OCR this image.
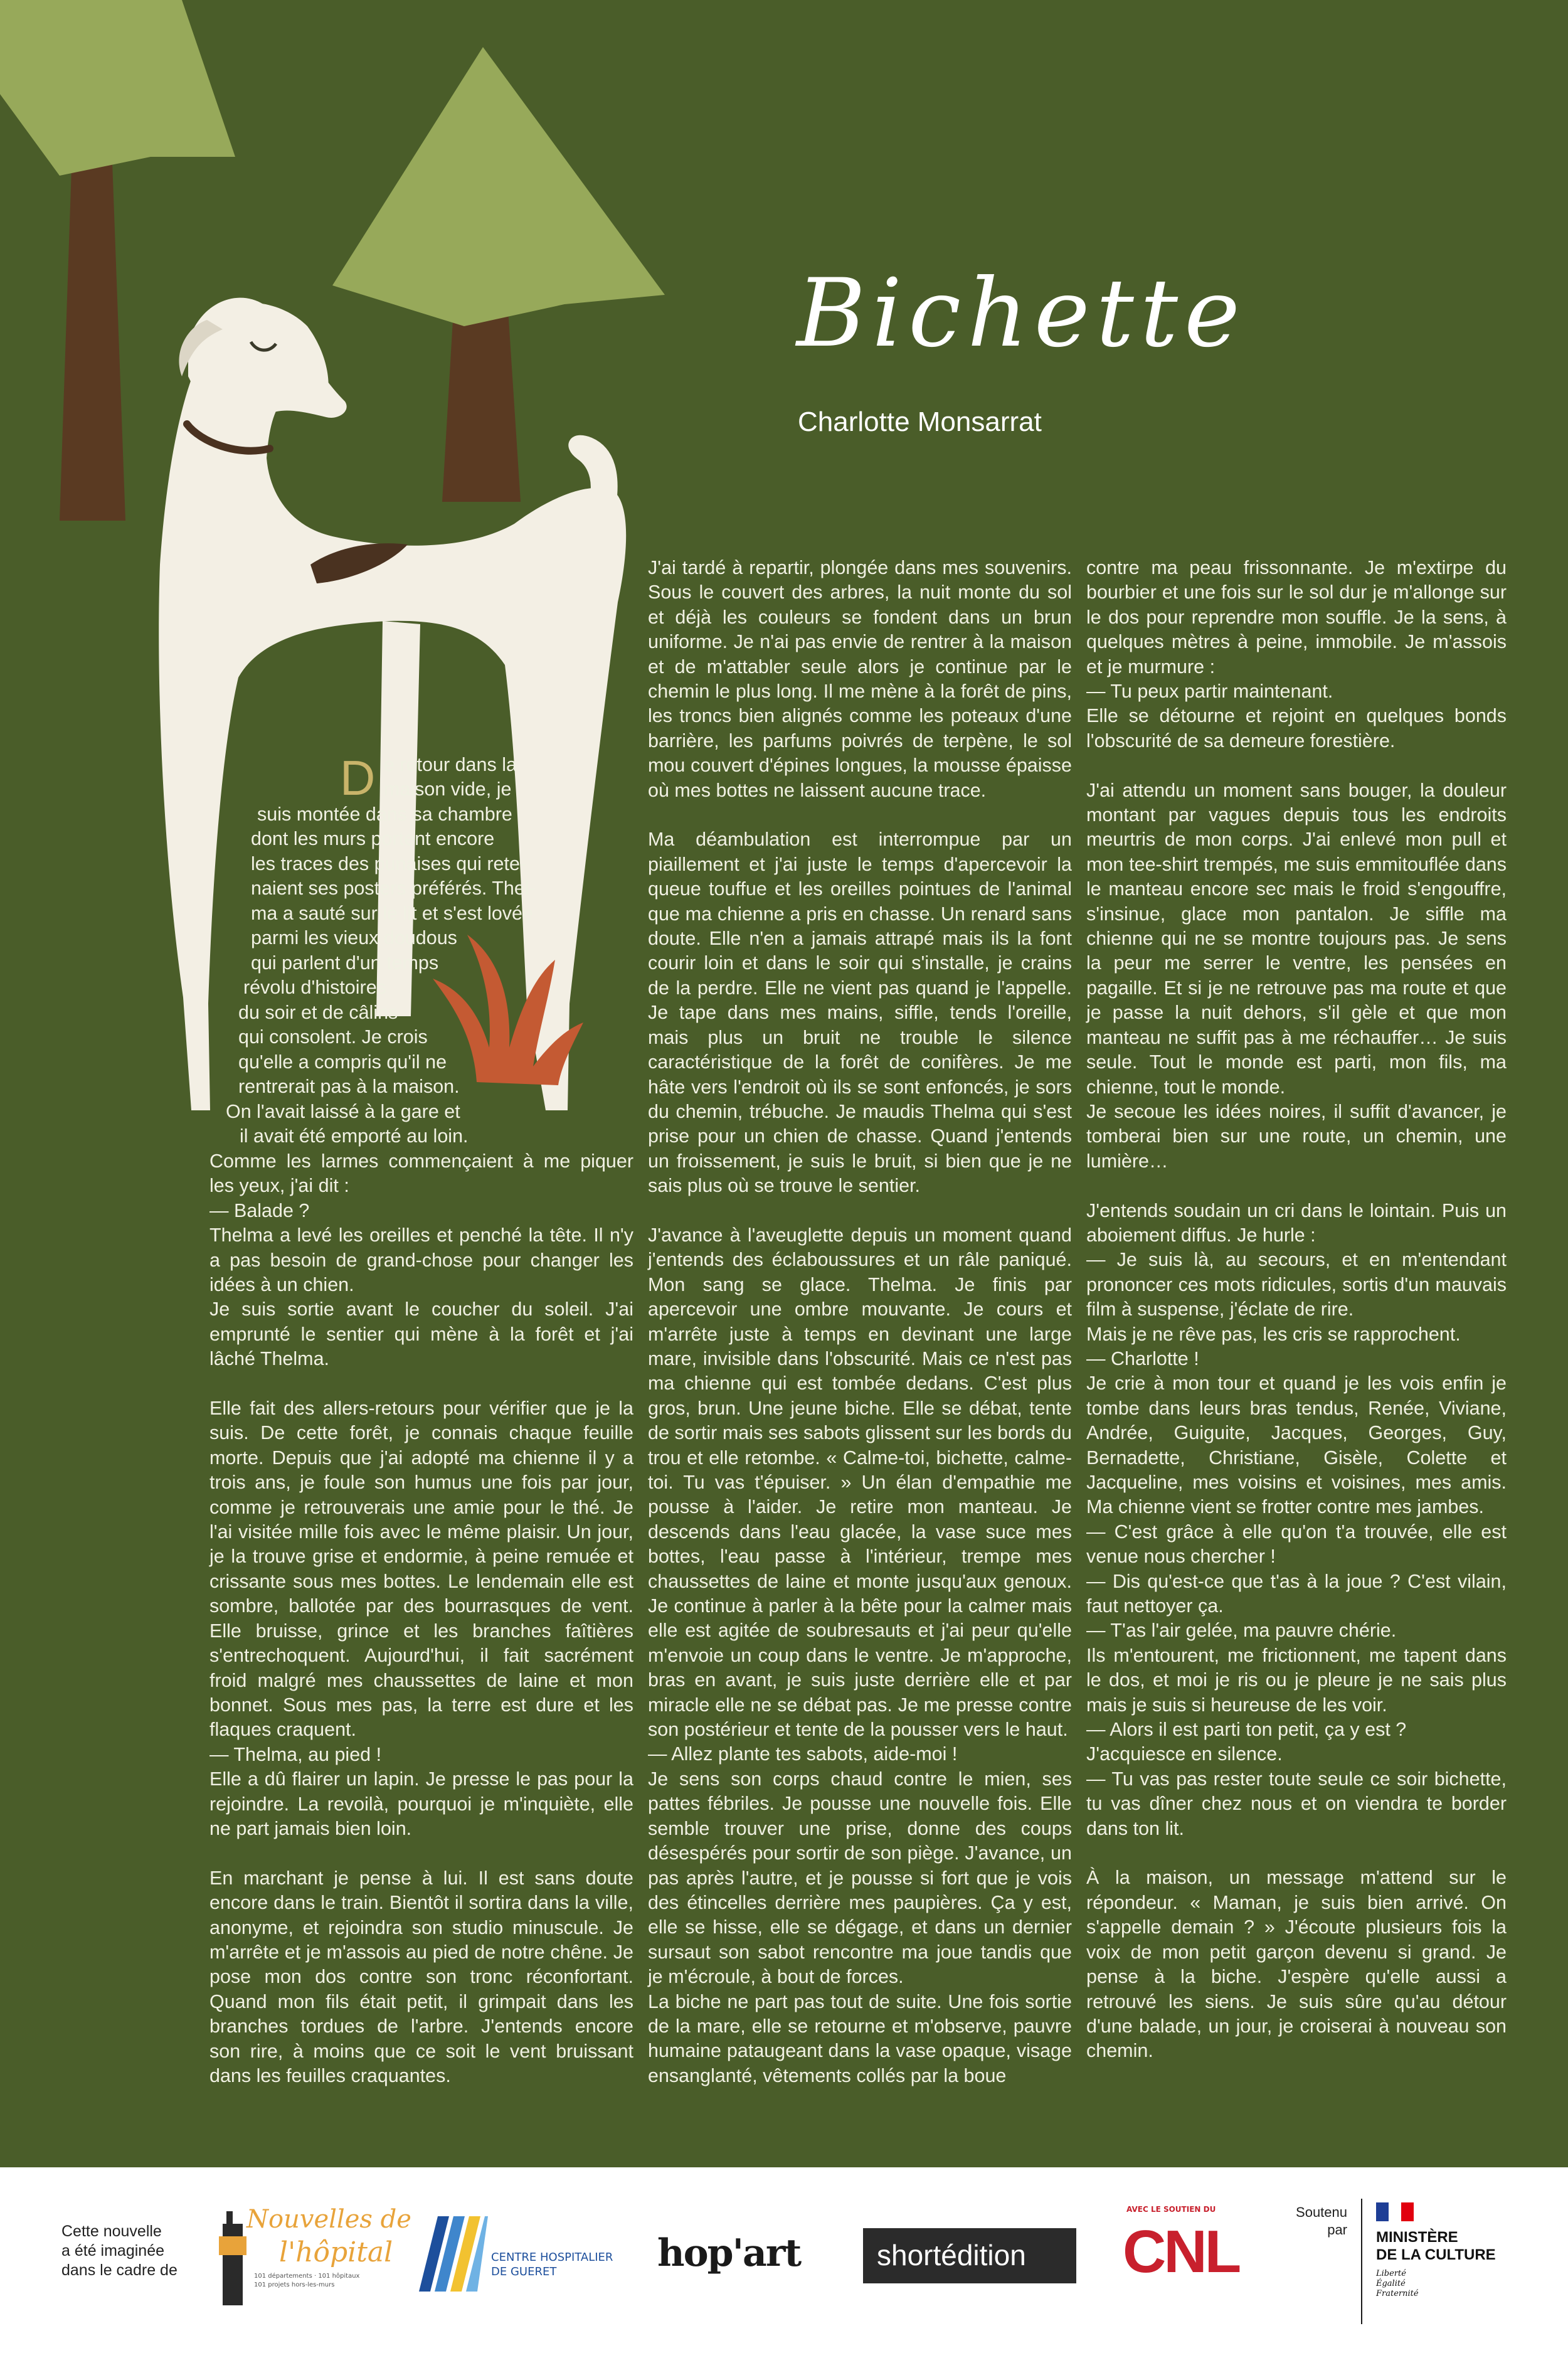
Bichette

Charlotte Monsarrat

D e retour dans la

maison vide, je

suis montée dans sa chambre

dont les murs portent encore

les traces des punaises qui rete-

naient ses posters préférés. Thel-

ma a sauté sur le lit et s'est lovée

parmi les vieux doudous

qui parlent d'un temps

révolu d'histoires

du soir et de câlins

qui consolent. Je crois

qu'elle a compris qu'il ne

rentrerait pas à la maison.

On l'avait laissé à la gare et

il avait été emporté au loin.

Comme les larmes commençaient à me piquer les yeux, j'ai dit :

— Balade ?

Thelma a levé les oreilles et penché la tête. Il n'y a pas besoin de grand-chose pour changer les idées à un chien.

Je suis sortie avant le coucher du soleil. J'ai emprunté le sentier qui mène à la forêt et j'ai lâché Thelma.

Elle fait des allers-retours pour vérifier que je la suis. De cette forêt, je connais chaque feuille morte. Depuis que j'ai adopté ma chienne il y a trois ans, je foule son humus une fois par jour, comme je retrouverais une amie pour le thé. Je l'ai visitée mille fois avec le même plaisir. Un jour, je la trouve grise et endormie, à peine remuée et crissante sous mes bottes. Le lendemain elle est sombre, ballotée par des bourrasques de vent. Elle bruisse, grince et les branches faîtières s'entrechoquent. Aujourd'hui, il fait sacrément froid malgré mes chaussettes de laine et mon bonnet. Sous mes pas, la terre est dure et les flaques craquent.

— Thelma, au pied !

Elle a dû flairer un lapin. Je presse le pas pour la rejoindre. La revoilà, pourquoi je m'inquiète, elle ne part jamais bien loin.

En marchant je pense à lui. Il est sans doute encore dans le train. Bientôt il sortira dans la ville, anonyme, et rejoindra son studio minuscule. Je m'arrête et je m'assois au pied de notre chêne. Je pose mon dos contre son tronc réconfortant. Quand mon fils était petit, il grimpait dans les branches tordues de l'arbre. J'entends encore son rire, à moins que ce soit le vent bruissant dans les feuilles craquantes.

J'ai tardé à repartir, plongée dans mes souvenirs. Sous le couvert des arbres, la nuit monte du sol et déjà les couleurs se fondent dans un brun uniforme. Je n'ai pas envie de rentrer à la maison et de m'attabler seule alors je continue par le chemin le plus long. Il me mène à la forêt de pins, les troncs bien alignés comme les poteaux d'une barrière, les parfums poivrés de terpène, le sol mou couvert d'épines longues, la mousse épaisse où mes bottes ne laissent aucune trace.

Ma déambulation est interrompue par un piaillement et j'ai juste le temps d'apercevoir la queue touffue et les oreilles pointues de l'animal que ma chienne a pris en chasse. Un renard sans doute. Elle n'en a jamais attrapé mais ils la font courir loin et dans le soir qui s'installe, je crains de la perdre. Elle ne vient pas quand je l'appelle. Je tape dans mes mains, siffle, tends l'oreille, mais plus un bruit ne trouble le silence caractéristique de la forêt de conifères. Je me hâte vers l'endroit où ils se sont enfoncés, je sors du chemin, trébuche. Je maudis Thelma qui s'est prise pour un chien de chasse. Quand j'entends un froissement, je suis le bruit, si bien que je ne sais plus où se trouve le sentier.

J'avance à l'aveuglette depuis un moment quand j'entends des éclaboussures et un râle paniqué. Mon sang se glace. Thelma. Je finis par apercevoir une ombre mouvante. Je cours et m'arrête juste à temps en devinant une large mare, invisible dans l'obscurité. Mais ce n'est pas ma chienne qui est tombée dedans. C'est plus gros, brun. Une jeune biche. Elle se débat, tente de sortir mais ses sabots glissent sur les bords du trou et elle retombe. « Calme-toi, bichette, calme-toi. Tu vas t'épuiser. » Un élan d'empathie me pousse à l'aider. Je retire mon manteau. Je descends dans l'eau glacée, la vase suce mes bottes, l'eau passe à l'intérieur, trempe mes chaussettes de laine et monte jusqu'aux genoux. Je continue à parler à la bête pour la calmer mais elle est agitée de soubresauts et j'ai peur qu'elle m'envoie un coup dans le ventre. Je m'approche, bras en avant, je suis juste derrière elle et par miracle elle ne se débat pas. Je me presse contre son postérieur et tente de la pousser vers le haut.

— Allez plante tes sabots, aide-moi !

Je sens son corps chaud contre le mien, ses pattes fébriles. Je pousse une nouvelle fois. Elle semble trouver une prise, donne des coups désespérés pour sortir de son piège. J'avance, un pas après l'autre, et je pousse si fort que je vois des étincelles derrière mes paupières. Ça y est, elle se hisse, elle se dégage, et dans un dernier sursaut son sabot rencontre ma joue tandis que je m'écroule, à bout de forces.

La biche ne part pas tout de suite. Une fois sortie de la mare, elle se retourne et m'observe, pauvre humaine pataugeant dans la vase opaque, visage ensanglanté, vêtements collés par la boue

contre ma peau frissonnante. Je m'extirpe du bourbier et une fois sur le sol dur je m'allonge sur le dos pour reprendre mon souffle. Je la sens, à quelques mètres à peine, immobile. Je m'assois et je murmure :

— Tu peux partir maintenant.

Elle se détourne et rejoint en quelques bonds l'obscurité de sa demeure forestière.

J'ai attendu un moment sans bouger, la douleur montant par vagues depuis tous les endroits meurtris de mon corps. J'ai enlevé mon pull et mon tee-shirt trempés, me suis emmitouflée dans le manteau encore sec mais le froid s'engouffre, s'insinue, glace mon pantalon. Je siffle ma chienne qui ne se montre toujours pas. Je sens la peur me serrer le ventre, les pensées en pagaille. Et si je ne retrouve pas ma route et que je passe la nuit dehors, s'il gèle et que mon manteau ne suffit pas à me réchauffer… Je suis seule. Tout le monde est parti, mon fils, ma chienne, tout le monde.

Je secoue les idées noires, il suffit d'avancer, je tomberai bien sur une route, un chemin, une lumière…

J'entends soudain un cri dans le lointain. Puis un aboiement diffus. Je hurle :

— Je suis là, au secours, et en m'entendant prononcer ces mots ridicules, sortis d'un mauvais film à suspense, j'éclate de rire.

Mais je ne rêve pas, les cris se rapprochent.

— Charlotte !

Je crie à mon tour et quand je les vois enfin je tombe dans leurs bras tendus, Renée, Viviane, Andrée, Guiguite, Jacques, Georges, Guy, Bernadette, Christiane, Gisèle, Colette et Jacqueline, mes voisins et voisines, mes amis. Ma chienne vient se frotter contre mes jambes.

— C'est grâce à elle qu'on t'a trouvée, elle est venue nous chercher !

— Dis qu'est-ce que t'as à la joue ? C'est vilain, faut nettoyer ça.

— T'as l'air gelée, ma pauvre chérie.

Ils m'entourent, me frictionnent, me tapent dans le dos, et moi je ris ou je pleure je ne sais plus mais je suis si heureuse de les voir.

— Alors il est parti ton petit, ça y est ?

J'acquiesce en silence.

— Tu vas pas rester toute seule ce soir bichette, tu vas dîner chez nous et on viendra te border dans ton lit.

À la maison, un message m'attend sur le répondeur. « Maman, je suis bien arrivé. On s'appelle demain ? » J'écoute plusieurs fois la voix de mon petit garçon devenu si grand. Je pense à la biche. J'espère qu'elle aussi a retrouvé les siens. Je suis sûre qu'au détour d'une balade, un jour, je croiserai à nouveau son chemin.

Cette nouvelle
a été imaginée
dans le cadre de

Nouvelles de
l'hôpital
101 départements · 101 hôpitaux
101 projets hors-les-murs
CENTRE HOSPITALIER
DE GUERET	hop'art	shortédition
AVEC LE SOUTIEN DU
CNL

Soutenu
par MINISTÈRE
DE LA CULTURE
Liberté
Égalité
Fraternité
